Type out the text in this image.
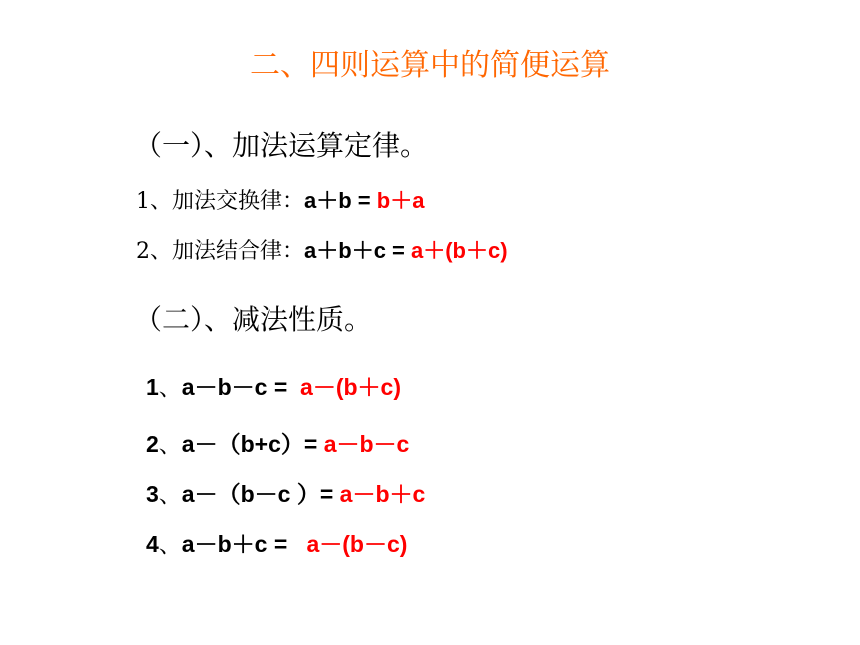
二、四则运算中的简便运算
（一）、加法运算定律。
1、加法交换律：a＋b = b＋a
2、加法结合律：a＋b＋c = a＋(b＋c)
（二）、减法性质。
1、a－b－c =  a－(b＋c)
2、a－（b+c）= a－b－c
3、a－（b－c ）= a－b＋c
4、a－b＋c =   a－(b－c)
